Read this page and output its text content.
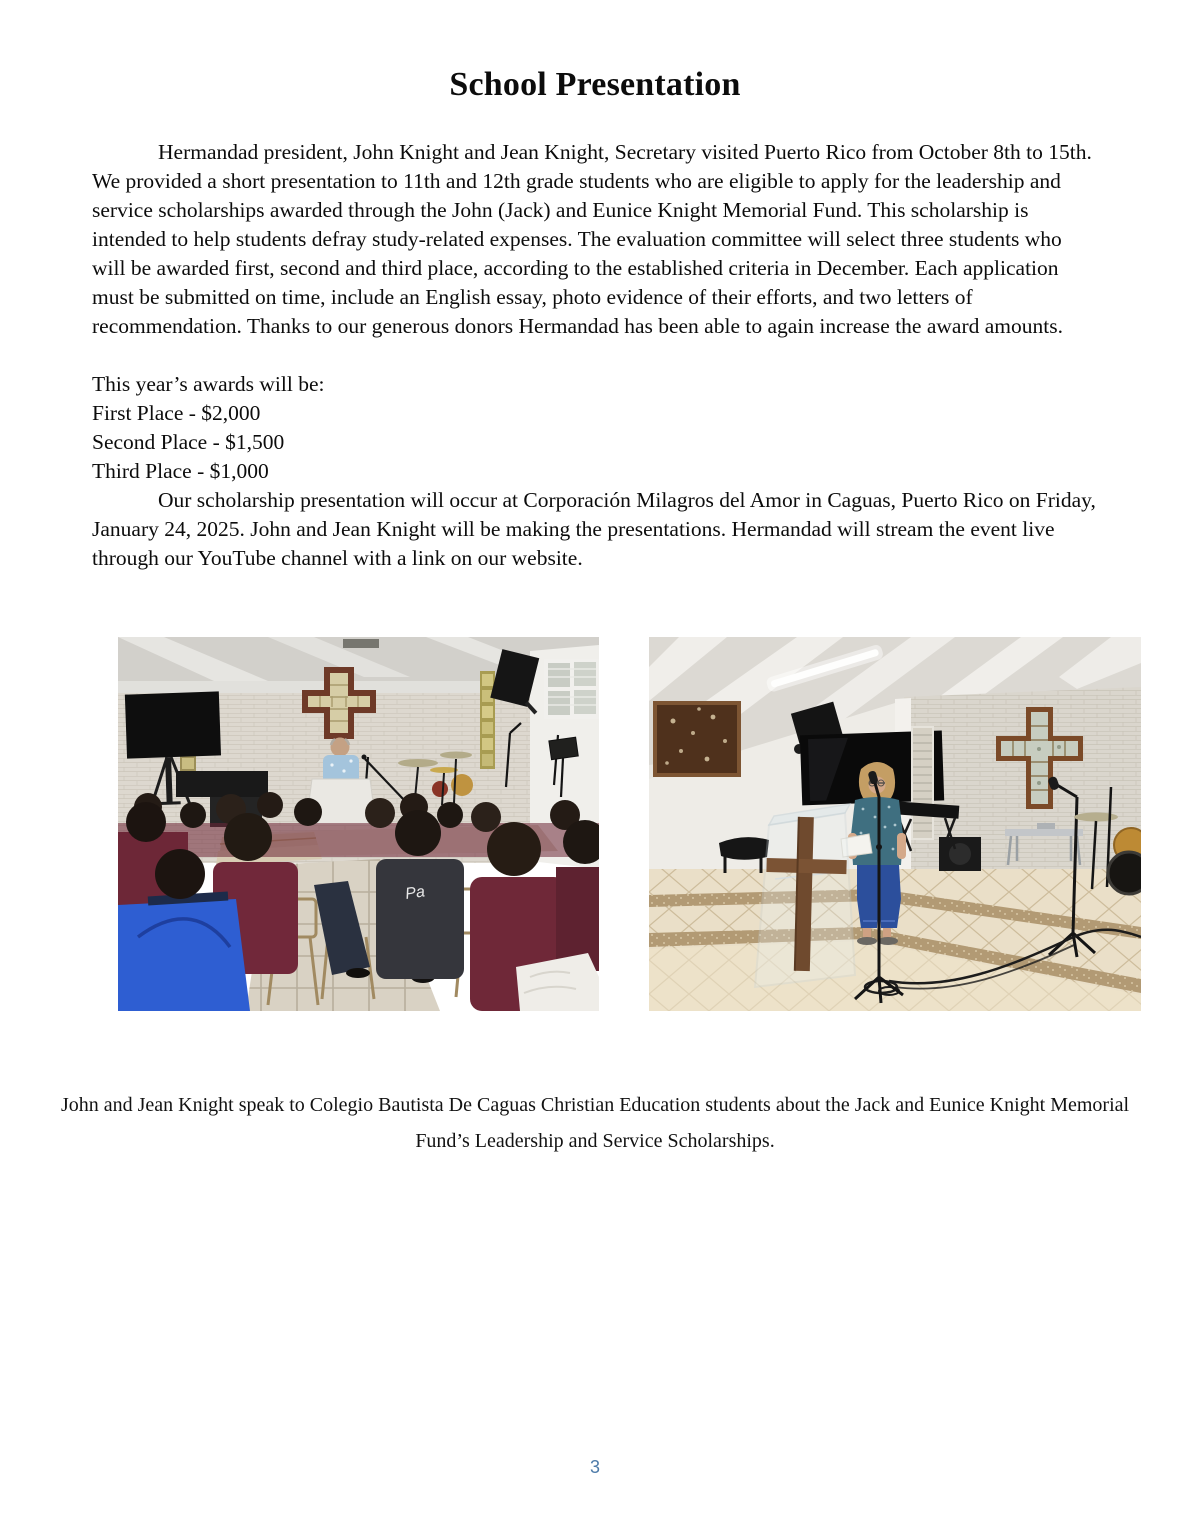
School Presentation

Hermandad president, John Knight and Jean Knight, Secretary visited Puerto Rico from October 8th to 15th. We provided a short presentation to 11th and 12th grade students who are eligible to apply for the leadership and service scholarships awarded through the John (Jack) and Eunice Knight Memorial Fund. This scholarship is intended to help students defray study-related expenses. The evaluation committee will select three students who will be awarded first, second and third place, according to the established criteria in December. Each application must be submitted on time, include an English essay, photo evidence of their efforts, and two letters of recommendation. Thanks to our generous donors Hermandad has been able to again increase the award amounts.

This year’s awards will be:
First Place - $2,000
Second Place - $1,500
Third Place - $1,000

Our scholarship presentation will occur at Corporación Milagros del Amor in Caguas, Puerto Rico on Friday, January 24, 2025. John and Jean Knight will be making the presentations. Hermandad will stream the event live through our YouTube channel with a link on our website.

Pa

John and Jean Knight speak to Colegio Bautista De Caguas Christian Education students about the Jack and Eunice Knight Memorial Fund’s Leadership and Service Scholarships.

3
